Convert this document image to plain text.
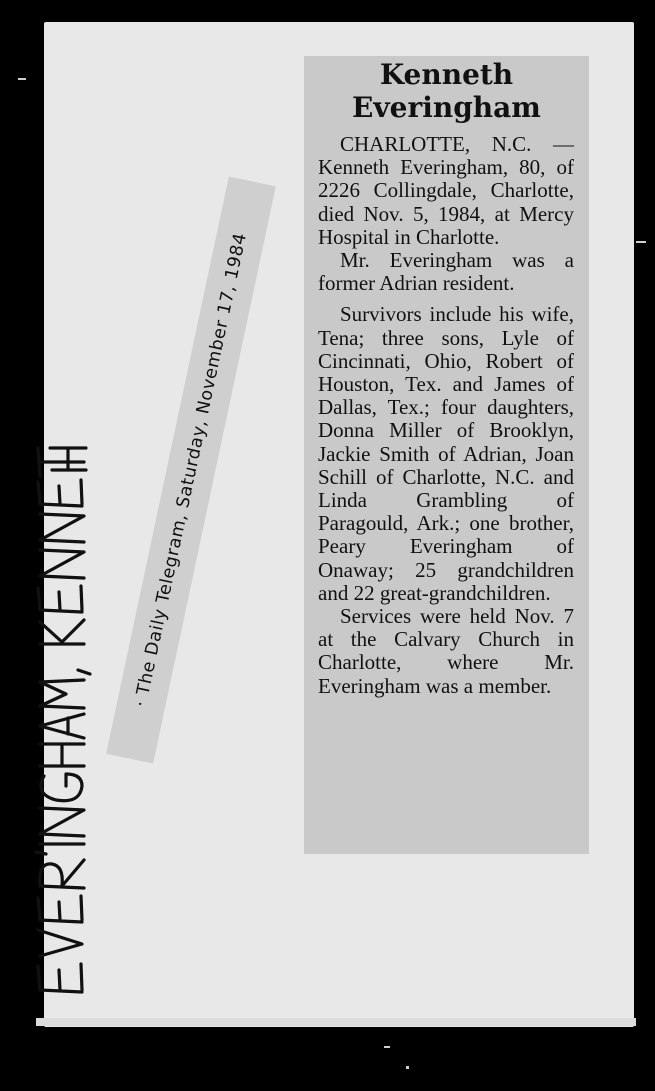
· The Daily Telegram, Saturday, November 17, 1984
Kenneth Everingham

CHARLOTTE, N.C. — Kenneth Everingham, 80, of 2226 Collingdale, Charlotte, died Nov. 5, 1984, at Mercy Hospital in Charlotte.

Mr. Everingham was a former Adrian resident.

Survivors include his wife, Tena; three sons, Lyle of Cincinnati, Ohio, Robert of Houston, Tex. and James of Dallas, Tex.; four daughters, Donna Miller of Brooklyn, Jackie Smith of Adrian, Joan Schill of Charlotte, N.C. and Linda Grambling of Paragould, Ark.; one brother, Peary Everingham of Onaway; 25 grandchildren and 22 great-grandchildren.

Services were held Nov. 7 at the Calvary Church in Charlotte, where Mr. Everingham was a member.
